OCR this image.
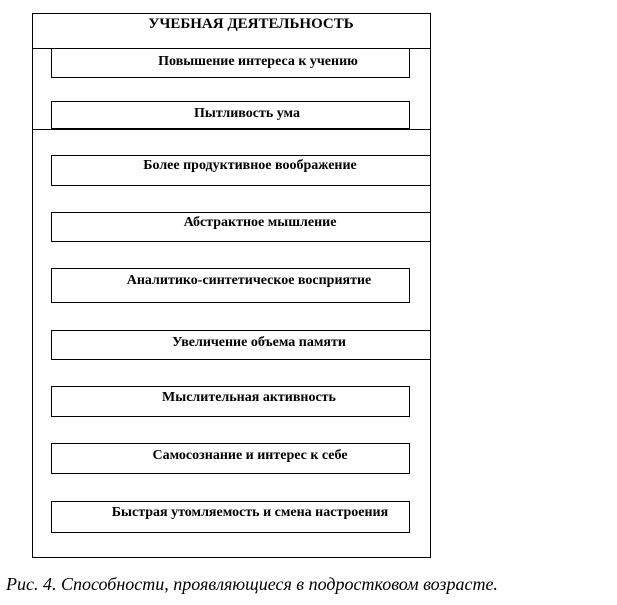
УЧЕБНАЯ ДЕЯТЕЛЬНОСТЬ
Повышение интереса к учению
Пытливость ума
Более продуктивное воображение
Абстрактное мышление
Аналитико-синтетическое восприятие
Увеличение объема памяти
Мыслительная активность
Самосознание и интерес к себе
Быстрая утомляемость и смена настроения
Рис. 4. Способности, проявляющиеся в подростковом возрасте.
